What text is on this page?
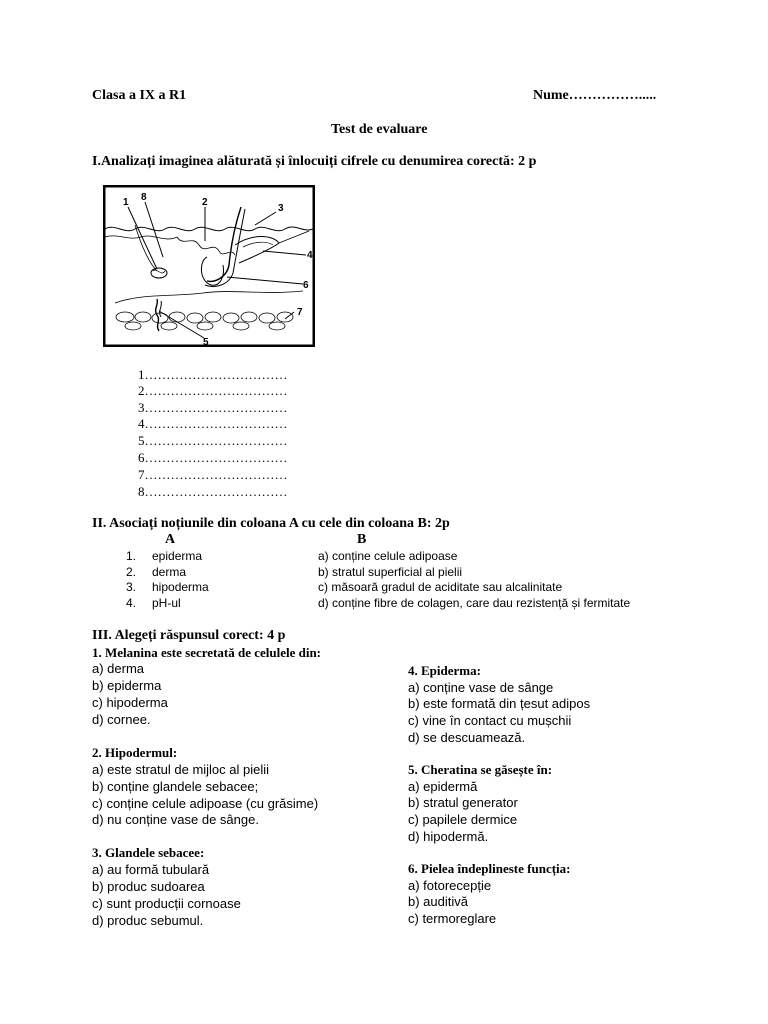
Clasa a IX a R1	Nume…………….....
Test de evaluare
I.Analizați imaginea alăturată și înlocuiți cifrele cu denumirea corectă: 2 p
1 8	2
3
4
6
7
5
1……………………………
2……………………………
3……………………………
4……………………………
5……………………………
6……………………………
7……………………………
8……………………………
II. Asociați noțiunile din coloana A cu cele din coloana B: 2p
A	B
1. epiderma	a) conține celule adipoase
2. derma	b) stratul superficial al pielii
3. hipoderma	c) măsoară gradul de aciditate sau alcalinitate
4. pH-ul	d) conține fibre de colagen, care dau rezistență și fermitate
III. Alegeți răspunsul corect: 4 p
1. Melanina este secretată de celulele din:
a) derma
b) epiderma
c) hipoderma
d) cornee.
2. Hipodermul:
a) este stratul de mijloc al pielii
b) conține glandele sebacee;
c) conține celule adipoase (cu grăsime)
d) nu conține vase de sânge.
3. Glandele sebacee:
a) au formă tubulară
b) produc sudoarea
c) sunt producții cornoase
d) produc sebumul.
4. Epiderma:
a) conține vase de sânge
b) este formată din țesut adipos
c) vine în contact cu mușchii
d) se descuamează.
5. Cheratina se găsește în:
a) epidermă
b) stratul generator
c) papilele dermice
d) hipodermă.
6. Pielea îndeplineste funcția:
a) fotorecepție
b) auditivă
c) termoreglare
